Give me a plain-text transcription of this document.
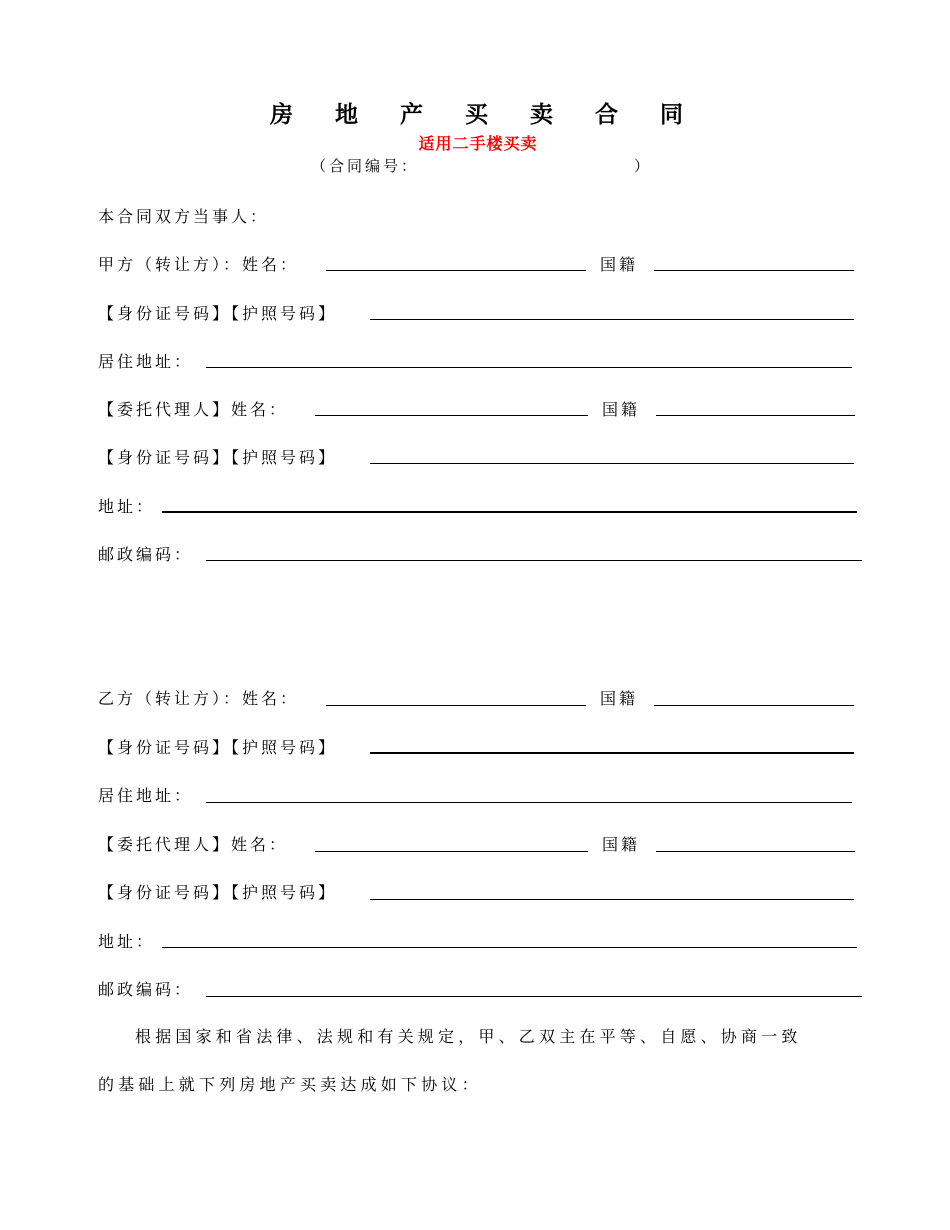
房 地 产 买 卖 合 同
适用二手楼买卖
（合同编号：	）
本合同双方当事人：
甲方（转让方）：姓名：	国籍
【身份证号码】【护照号码】
居住地址：
【委托代理人】姓名：	国籍
【身份证号码】【护照号码】
地址：
邮政编码：
乙方（转让方）：姓名：	国籍
【身份证号码】【护照号码】
居住地址：
【委托代理人】姓名：	国籍
【身份证号码】【护照号码】
地址：
邮政编码：
根据国家和省法律、法规和有关规定，甲、乙双主在平等、自愿、协商一致
的基础上就下列房地产买卖达成如下协议：
